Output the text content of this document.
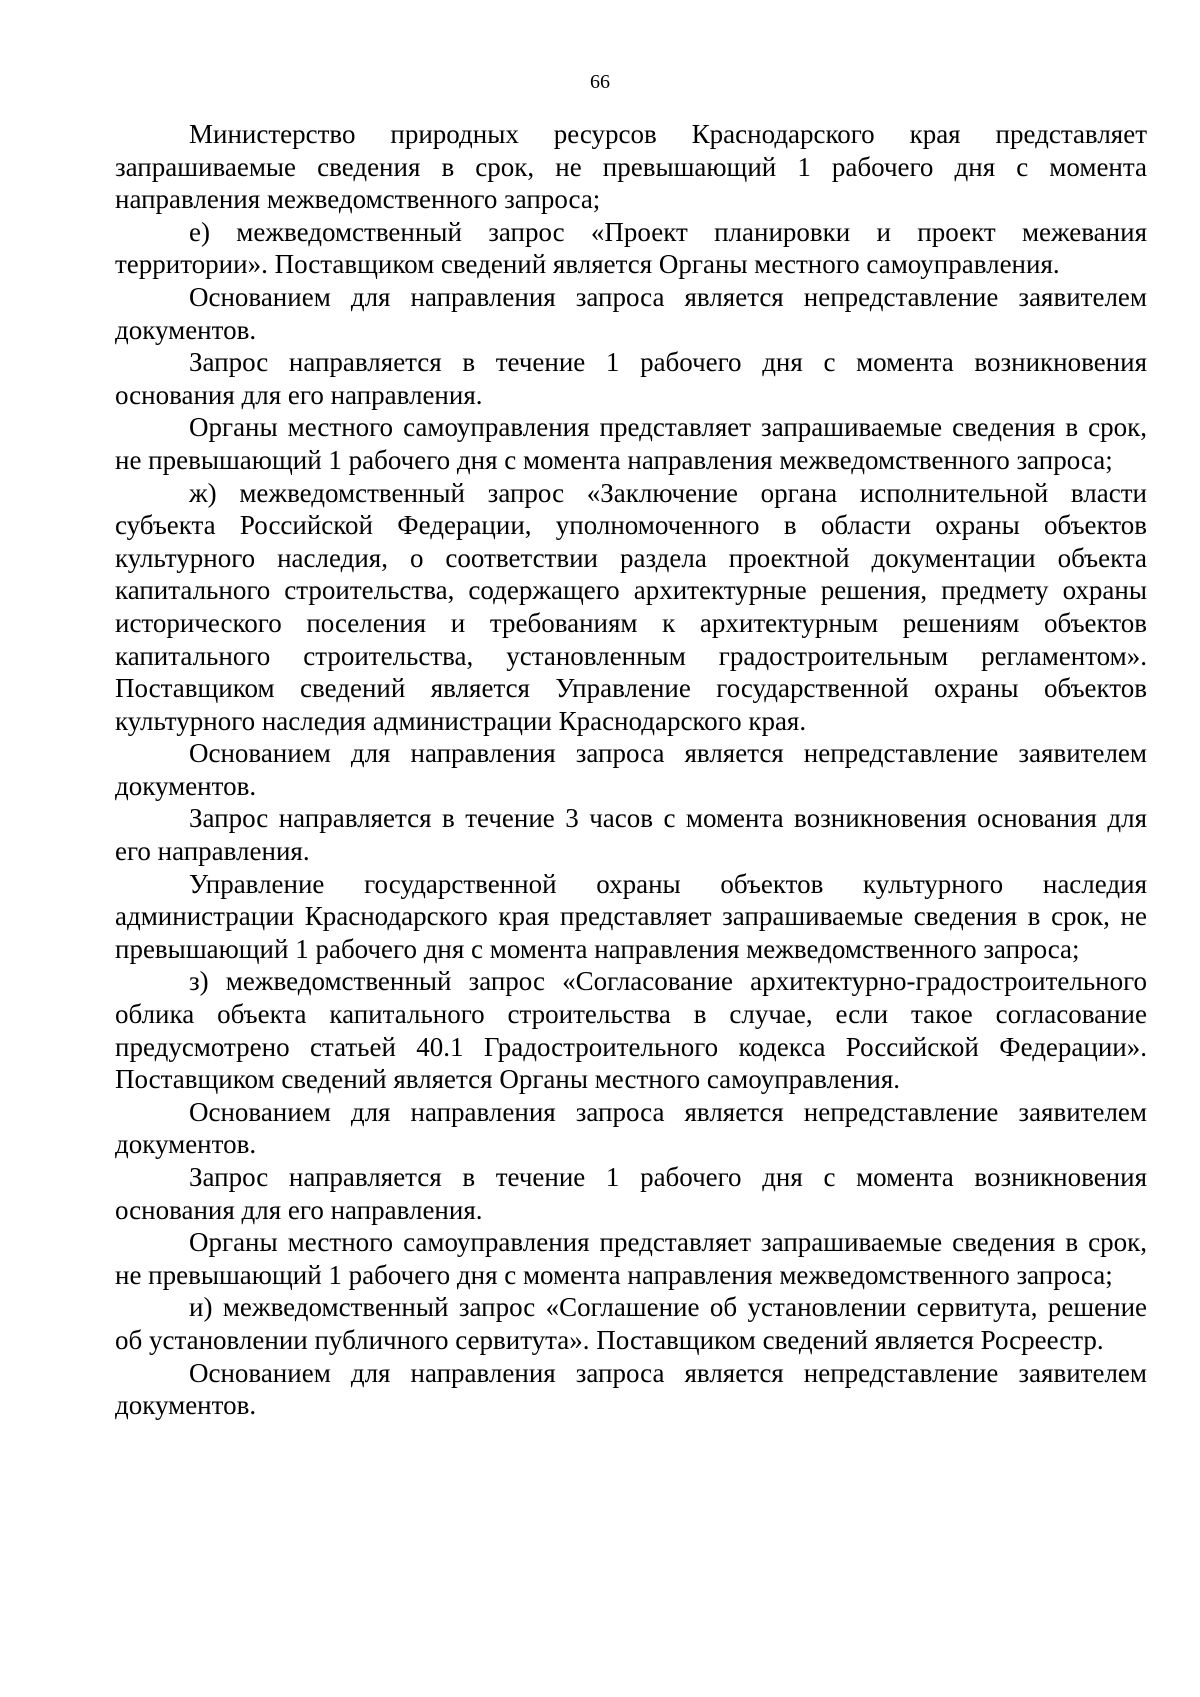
66

Министерство природных ресурсов Краснодарского края представляет запрашиваемые сведения в срок, не превышающий 1 рабочего дня с момента направления межведомственного запроса;

е) межведомственный запрос «Проект планировки и проект межевания территории». Поставщиком сведений является Органы местного самоуправления.

Основанием для направления запроса является непредставление заявителем документов.

Запрос направляется в течение 1 рабочего дня с момента возникновения основания для его направления.

Органы местного самоуправления представляет запрашиваемые сведения в срок, не превышающий 1 рабочего дня с момента направления межведомственного запроса;

ж) межведомственный запрос «Заключение органа исполнительной власти субъекта Российской Федерации, уполномоченного в области охраны объектов культурного наследия, о соответствии раздела проектной документации объекта капитального строительства, содержащего архитектурные решения, предмету охраны исторического поселения и требованиям к архитектурным решениям объектов капитального строительства, установленным градостроительным регламентом». Поставщиком сведений является Управление государственной охраны объектов культурного наследия администрации Краснодарского края.

Основанием для направления запроса является непредставление заявителем документов.

Запрос направляется в течение 3 часов с момента возникновения основания для его направления.

Управление государственной охраны объектов культурного наследия администрации Краснодарского края представляет запрашиваемые сведения в срок, не превышающий 1 рабочего дня с момента направления межведомственного запроса;

з) межведомственный запрос «Согласование архитектурно-градостроительного облика объекта капитального строительства в случае, если такое согласование предусмотрено статьей 40.1 Градостроительного кодекса Российской Федерации». Поставщиком сведений является Органы местного самоуправления.

Основанием для направления запроса является непредставление заявителем документов.

Запрос направляется в течение 1 рабочего дня с момента возникновения основания для его направления.

Органы местного самоуправления представляет запрашиваемые сведения в срок, не превышающий 1 рабочего дня с момента направления межведомственного запроса;

и) межведомственный запрос «Соглашение об установлении сервитута, решение об установлении публичного сервитута». Поставщиком сведений является Росреестр.

Основанием для направления запроса является непредставление заявителем документов.
